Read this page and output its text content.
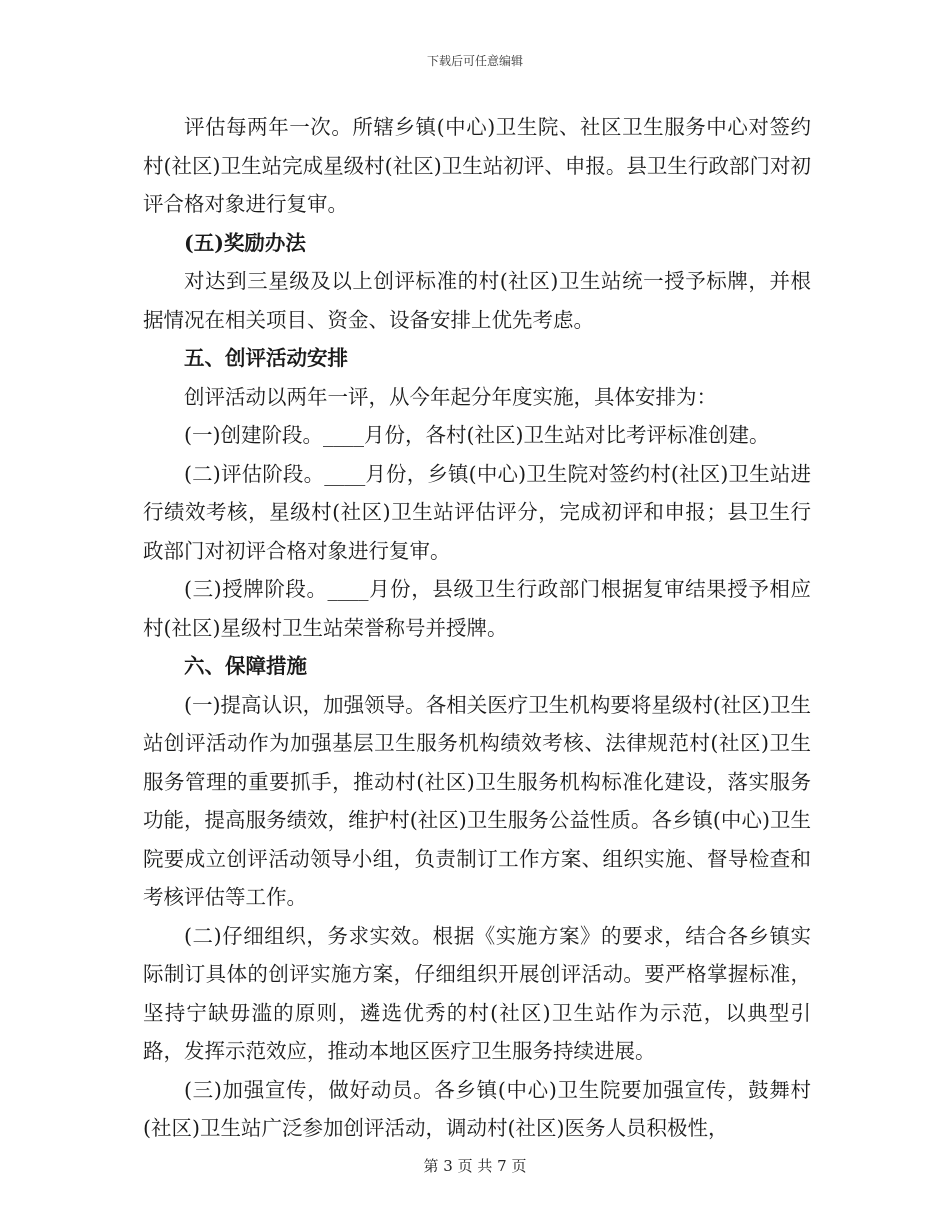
下载后可任意编辑

评估每两年一次。所辖乡镇(中心)卫生院、社区卫生服务中心对签约村(社区)卫生站完成星级村(社区)卫生站初评、申报。县卫生行政部门对初评合格对象进行复审。

(五)奖励办法

对达到三星级及以上创评标准的村(社区)卫生站统一授予标牌，并根据情况在相关项目、资金、设备安排上优先考虑。

五、创评活动安排

创评活动以两年一评，从今年起分年度实施，具体安排为：

(一)创建阶段。____月份，各村(社区)卫生站对比考评标准创建。

(二)评估阶段。____月份，乡镇(中心)卫生院对签约村(社区)卫生站进行绩效考核，星级村(社区)卫生站评估评分，完成初评和申报；县卫生行政部门对初评合格对象进行复审。

(三)授牌阶段。____月份，县级卫生行政部门根据复审结果授予相应村(社区)星级村卫生站荣誉称号并授牌。

六、保障措施

(一)提高认识，加强领导。各相关医疗卫生机构要将星级村(社区)卫生站创评活动作为加强基层卫生服务机构绩效考核、法律规范村(社区)卫生服务管理的重要抓手，推动村(社区)卫生服务机构标准化建设，落实服务功能，提高服务绩效，维护村(社区)卫生服务公益性质。各乡镇(中心)卫生院要成立创评活动领导小组，负责制订工作方案、组织实施、督导检查和考核评估等工作。

(二)仔细组织，务求实效。根据《实施方案》的要求，结合各乡镇实际制订具体的创评实施方案，仔细组织开展创评活动。要严格掌握标准，坚持宁缺毋滥的原则，遴选优秀的村(社区)卫生站作为示范，以典型引路，发挥示范效应，推动本地区医疗卫生服务持续进展。

(三)加强宣传，做好动员。各乡镇(中心)卫生院要加强宣传，鼓舞村(社区)卫生站广泛参加创评活动，调动村(社区)医务人员积极性，

第 3 页 共 7 页
